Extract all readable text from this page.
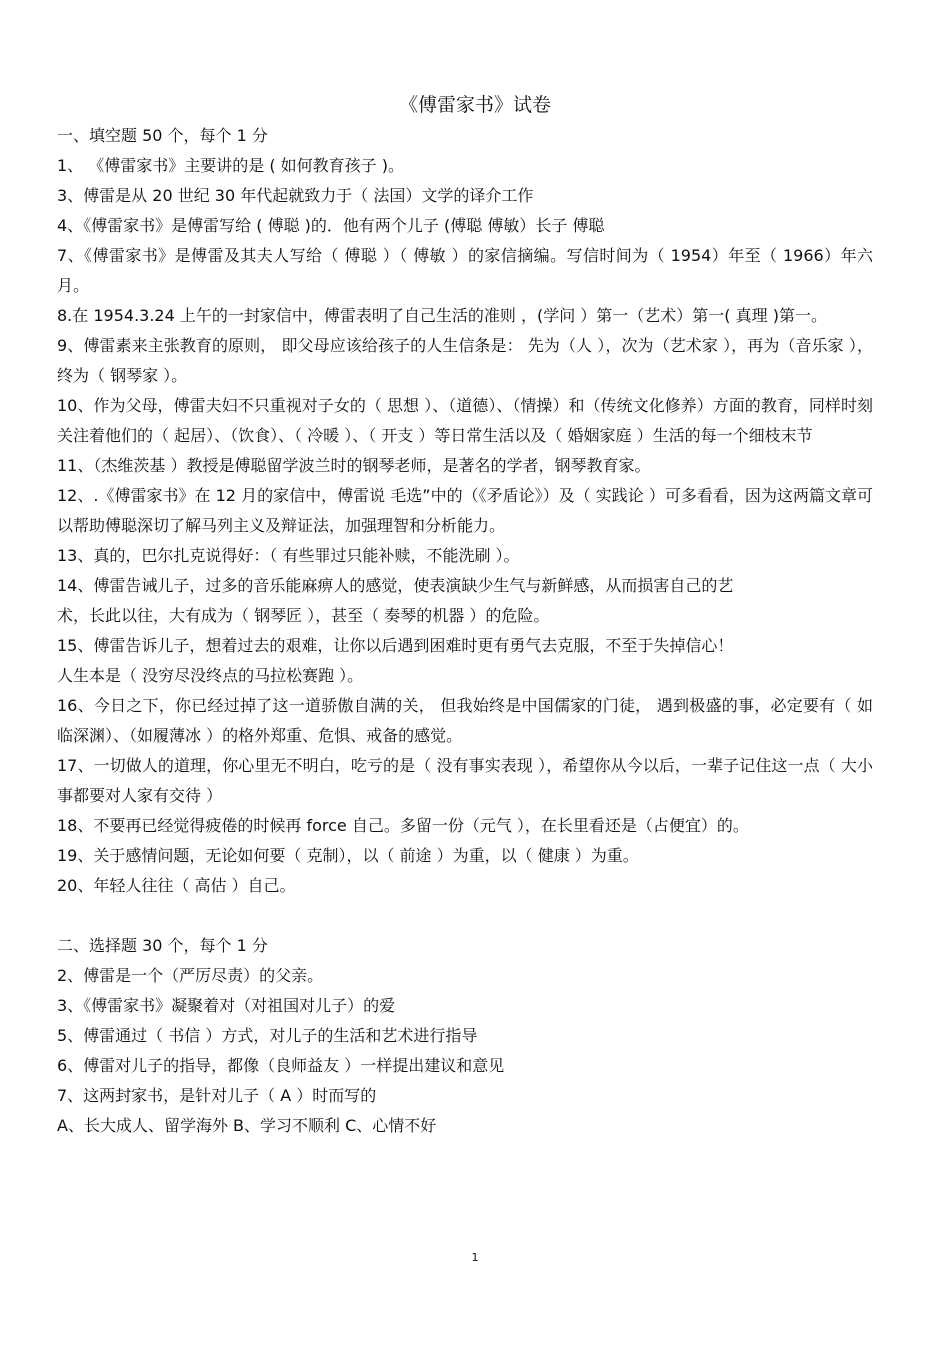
《傅雷家书》试卷
一、填空题 50 个，每个 1 分
1、 《傅雷家书》主要讲的是 ( 如何教育孩子 )。
3、傅雷是从 20 世纪 30 年代起就致力于（ 法国）文学的译介工作
4、《傅雷家书》是傅雷写给 ( 傅聪 )的．他有两个儿子 (傅聪 傅敏）长子 傅聪
7、《傅雷家书》是傅雷及其夫人写给（ 傅聪 ）（ 傅敏 ）的家信摘编。写信时间为（ 1954）年至（ 1966）年六月。
8.在 1954.3.24 上午的一封家信中，傅雷表明了自己生活的准则 ，(学问 ）第一（艺术）第一( 真理 )第一。
9、傅雷素来主张教育的原则， 即父母应该给孩子的人生信条是： 先为（人 ），次为（艺术家 ），再为（音乐家 ），终为（ 钢琴家 ）。
10、作为父母，傅雷夫妇不只重视对子女的（ 思想 ）、（道德）、（情操）和（传统文化修养）方面的教育，同样时刻关注着他们的（ 起居）、（饮食）、（ 冷暖 ）、（ 开支 ）等日常生活以及（ 婚姻家庭 ）生活的每一个细枝末节
11、（杰维茨基 ）教授是傅聪留学波兰时的钢琴老师，是著名的学者，钢琴教育家。
12、.《傅雷家书》在 12 月的家信中，傅雷说 毛选”中的（《矛盾论》）及（ 实践论 ）可多看看，因为这两篇文章可以帮助傅聪深切了解马列主义及辩证法，加强理智和分析能力。
13、真的，巴尔扎克说得好：（ 有些罪过只能补赎，不能洗刷 ）。
14、傅雷告诫儿子，过多的音乐能麻痹人的感觉，使表演缺少生气与新鲜感，从而损害自己的艺
术，长此以往，大有成为（ 钢琴匠 ），甚至（ 奏琴的机器 ）的危险。
15、傅雷告诉儿子，想着过去的艰难，让你以后遇到困难时更有勇气去克服，不至于失掉信心！
人生本是（ 没穷尽没终点的马拉松赛跑 ）。
16、今日之下，你已经过掉了这一道骄傲自满的关， 但我始终是中国儒家的门徒， 遇到极盛的事，必定要有（ 如临深渊）、（如履薄冰 ）的格外郑重、危惧、戒备的感觉。
17、一切做人的道理，你心里无不明白，吃亏的是（ 没有事实表现 ），希望你从今以后，一辈子记住这一点（ 大小事都要对人家有交待 ）
18、不要再已经觉得疲倦的时候再 force 自己。多留一份（元气 ），在长里看还是（占便宜）的。
19、关于感情问题，无论如何要（ 克制），以（ 前途 ）为重，以（ 健康 ）为重。
20、年轻人往往（ 高估 ）自己。
二、选择题 30 个，每个 1 分
2、傅雷是一个（严厉尽责）的父亲。
3、《傅雷家书》凝聚着对（对祖国对儿子）的爱
5、傅雷通过（ 书信 ）方式，对儿子的生活和艺术进行指导
6、傅雷对儿子的指导，都像（良师益友 ）一样提出建议和意见
7、这两封家书，是针对儿子（ A ）时而写的
A、长大成人、留学海外 B、学习不顺利 C、心情不好
1
